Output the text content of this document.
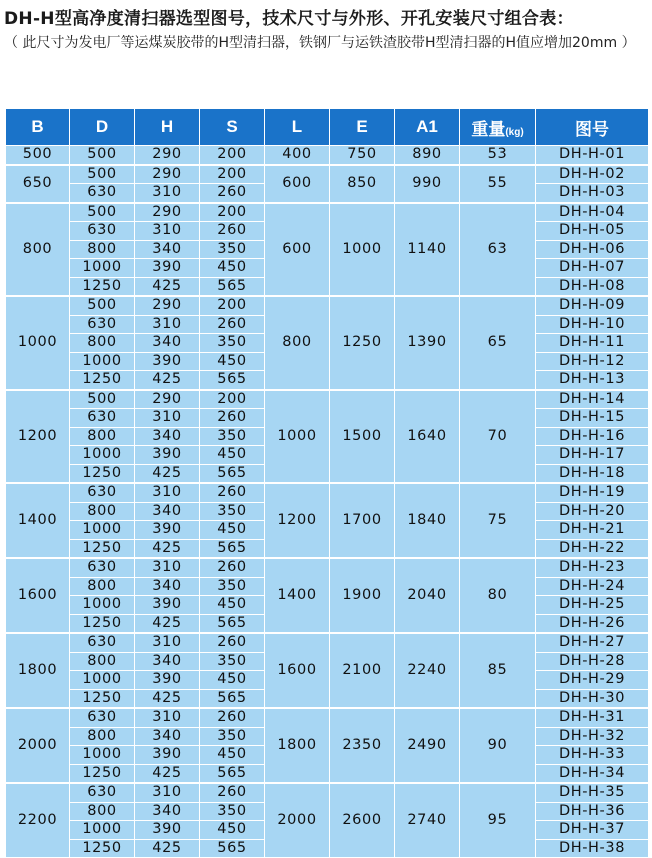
DH-H型高净度清扫器选型图号，技术尺寸与外形、开孔安装尺寸组合表：
（ 此尺寸为发电厂等运煤炭胶带的H型清扫器，铁钢厂与运铁渣胶带H型清扫器的H值应增加20mm ）
B	D	H	S	L	E	A1	重量(kg)	图号
500	500	290	200	400	750	890	53	DH-H-01
650	500	290	200	600	850	990	55	DH-H-02
	630	310	260					DH-H-03
800	500	290	200	600	1000	1140	63	DH-H-04
	630	310	260					DH-H-05
	800	340	350					DH-H-06
	1000	390	450					DH-H-07
	1250	425	565					DH-H-08
1000	500	290	200	800	1250	1390	65	DH-H-09
	630	310	260					DH-H-10
	800	340	350					DH-H-11
	1000	390	450					DH-H-12
	1250	425	565					DH-H-13
1200	500	290	200	1000	1500	1640	70	DH-H-14
	630	310	260					DH-H-15
	800	340	350					DH-H-16
	1000	390	450					DH-H-17
	1250	425	565					DH-H-18
1400	630	310	260	1200	1700	1840	75	DH-H-19
	800	340	350					DH-H-20
	1000	390	450					DH-H-21
	1250	425	565					DH-H-22
1600	630	310	260	1400	1900	2040	80	DH-H-23
	800	340	350					DH-H-24
	1000	390	450					DH-H-25
	1250	425	565					DH-H-26
1800	630	310	260	1600	2100	2240	85	DH-H-27
	800	340	350					DH-H-28
	1000	390	450					DH-H-29
	1250	425	565					DH-H-30
2000	630	310	260	1800	2350	2490	90	DH-H-31
	800	340	350					DH-H-32
	1000	390	450					DH-H-33
	1250	425	565					DH-H-34
2200	630	310	260	2000	2600	2740	95	DH-H-35
	800	340	350					DH-H-36
	1000	390	450					DH-H-37
	1250	425	565					DH-H-38
